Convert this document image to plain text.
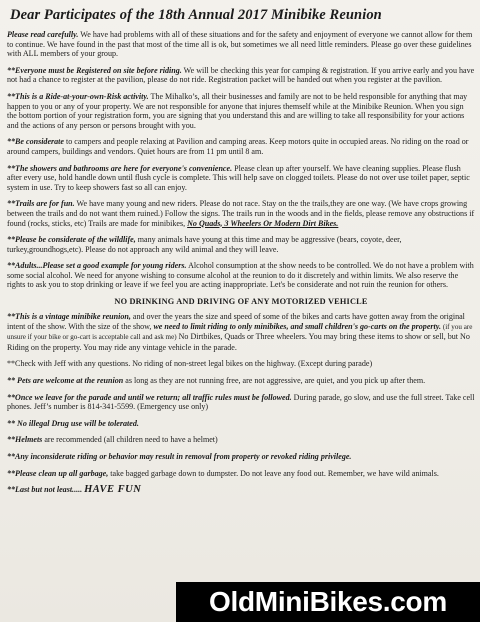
Dear Participates of the 18th Annual 2017 Minibike Reunion

Please read carefully. We have had problems with all of these situations and for the safety and enjoyment of everyone we cannot allow for them to continue. We have found in the past that most of the time all is ok, but sometimes we all need little reminders. Please go over these guidelines with ALL members of your group.

**Everyone must be Registered on site before riding. We will be checking this year for camping & registration. If you arrive early and you have not had a chance to register at the pavilion, please do not ride. Registration packet will be handed out when you register at the pavilion.

**This is a Ride-at-your-own-Risk activity. The Mihalko’s, all their businesses and family are not to be held responsible for anything that may happen to you or any of your property. We are not responsible for anyone that injures themself while at the Minibike Reunion. When you sign the bottom portion of your registration form, you are signing that you understand this and are willing to take all responsibility for your actions and the actions of any person or persons brought with you.

**Be considerate to campers and people relaxing at Pavilion and camping areas. Keep motors quite in occupied areas. No riding on the road or around campers, buildings and vendors. Quiet hours are from 11 pm until 8 am.

**The showers and bathrooms are here for everyone's convenience. Please clean up after yourself. We have cleaning supplies. Please flush after every use, hold handle down until flush cycle is complete. This will help save on clogged toilets. Please do not over use toilet paper, septic system in use. Try to keep showers fast so all can enjoy.

**Trails are for fun. We have many young and new riders. Please do not race. Stay on the the trails,they are one way. (We have crops growing between the trails and do not want them ruined.) Follow the signs. The trails run in the woods and in the fields, please remove any obstructions if found (rocks, sticks, etc) Trails are made for minibikes, No Quads, 3 Wheelers Or Modern Dirt Bikes.

**Please be considerate of the wildlife, many animals have young at this time and may be aggressive (bears, coyote, deer, turkey,groundhogs,etc). Please do not approach any wild animal and they will leave.

**Adults...Please set a good example for young riders. Alcohol consumption at the show needs to be controlled. We do not have a problem with some social alcohol. We need for anyone wishing to consume alcohol at the reunion to do it discretely and within limits. We also reserve the rights to ask you to stop drinking or leave if we feel you are acting inappropriate. Let's be considerate and not ruin the reunion for others.

NO DRINKING AND DRIVING OF ANY MOTORIZED VEHICLE

**This is a vintage minibike reunion, and over the years the size and speed of some of the bikes and carts have gotten away from the original intent of the show. With the size of the show, we need to limit riding to only minibikes, and small children's go-carts on the property. (if you are unsure if your bike or go-cart is acceptable call and ask me) No Dirtbikes, Quads or Three wheelers. You may bring these items to show or sell, but No Riding on the property. You may ride any vintage vehicle in the parade.

**Check with Jeff with any questions. No riding of non-street legal bikes on the highway. (Except during parade)

** Pets are welcome at the reunion as long as they are not running free, are not aggressive, are quiet, and you pick up after them.

**Once we leave for the parade and until we return; all traffic rules must be followed. During parade, go slow, and use the full street. Take cell phones. Jeff’s number is 814-341-5599. (Emergency use only)

** No illegal Drug use will be tolerated.

**Helmets are recommended (all children need to have a helmet)

**Any inconsiderate riding or behavior may result in removal from property or revoked riding privilege.

**Please clean up all garbage, take bagged garbage down to dumpster. Do not leave any food out. Remember, we have wild animals.

**Last but not least..... HAVE FUN

OldMiniBikes.com
